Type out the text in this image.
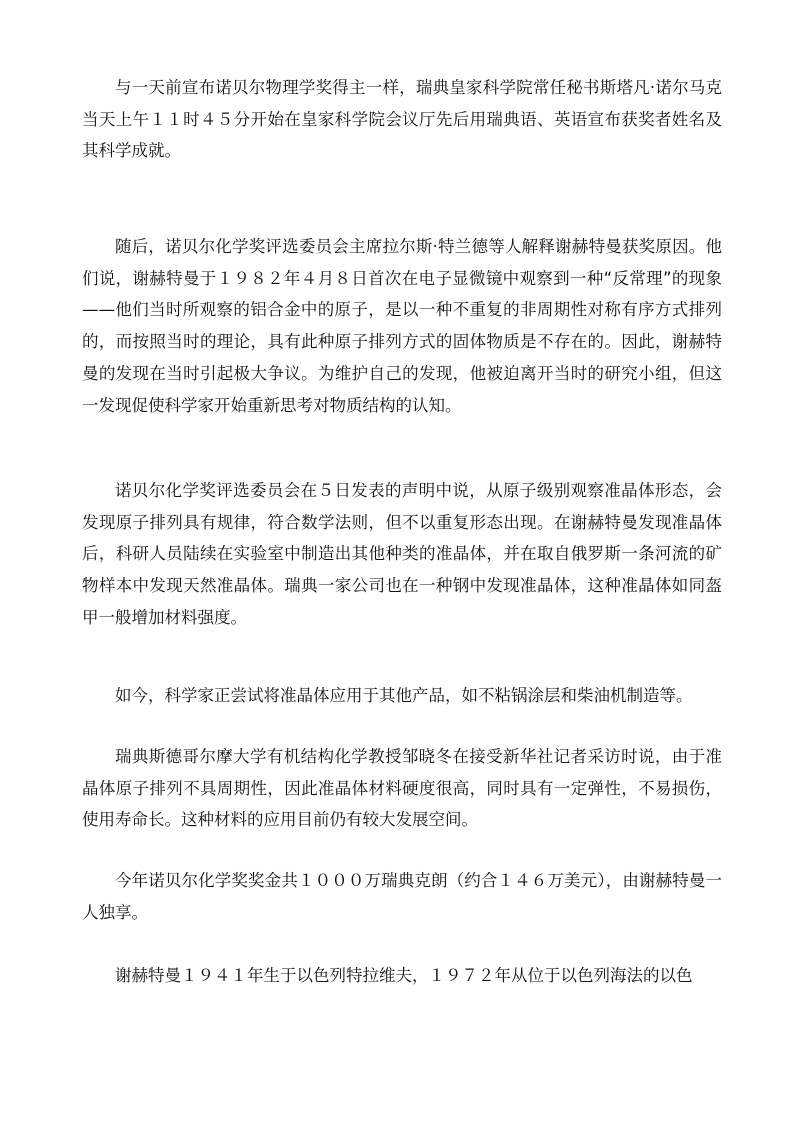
与一天前宣布诺贝尔物理学奖得主一样，瑞典皇家科学院常任秘书斯塔凡·诺尔马克当天上午１１时４５分开始在皇家科学院会议厅先后用瑞典语、英语宣布获奖者姓名及其科学成就。

随后，诺贝尔化学奖评选委员会主席拉尔斯·特兰德等人解释谢赫特曼获奖原因。他们说，谢赫特曼于１９８２年４月８日首次在电子显微镜中观察到一种“反常理”的现象——他们当时所观察的铝合金中的原子，是以一种不重复的非周期性对称有序方式排列的，而按照当时的理论，具有此种原子排列方式的固体物质是不存在的。因此，谢赫特曼的发现在当时引起极大争议。为维护自己的发现，他被迫离开当时的研究小组，但这一发现促使科学家开始重新思考对物质结构的认知。

诺贝尔化学奖评选委员会在５日发表的声明中说，从原子级别观察准晶体形态，会发现原子排列具有规律，符合数学法则，但不以重复形态出现。在谢赫特曼发现准晶体后，科研人员陆续在实验室中制造出其他种类的准晶体，并在取自俄罗斯一条河流的矿物样本中发现天然准晶体。瑞典一家公司也在一种钢中发现准晶体，这种准晶体如同盔甲一般增加材料强度。

如今，科学家正尝试将准晶体应用于其他产品，如不粘锅涂层和柴油机制造等。

瑞典斯德哥尔摩大学有机结构化学教授邹晓冬在接受新华社记者采访时说，由于准晶体原子排列不具周期性，因此准晶体材料硬度很高，同时具有一定弹性，不易损伤，使用寿命长。这种材料的应用目前仍有较大发展空间。

今年诺贝尔化学奖奖金共１０００万瑞典克朗（约合１４６万美元），由谢赫特曼一人独享。

谢赫特曼１９４１年生于以色列特拉维夫，１９７２年从位于以色列海法的以色
